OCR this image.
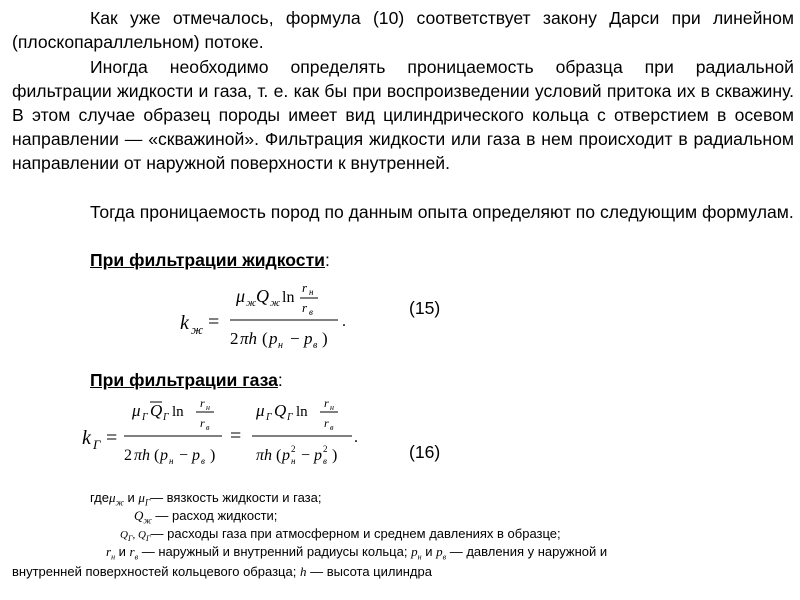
Как уже отмечалось, формула (10) соответствует закону Дарси при линейном (плоскопараллельном) потоке.

Иногда необходимо определять проницаемость образца при радиальной фильтрации жидкости и газа, т. е. как бы при воспроизведении условий притока их в скважину. В этом случае образец породы имеет вид цилиндрического кольца с отверстием в осевом направлении — «скважиной». Фильтрация жидкости или газа в нем происходит в радиальном направлении от наружной поверхности к внутренней.

Тогда проницаемость пород по данным опыта определяют по следующим формулам.

При фильтрации жидкости:

k ж =
μ ж Q ж ln
r н
r в
2 πh ( p н − p в )
.
(15)

При фильтрации газа:

k Г =
μ Г Q Г ln
r н
r в
2 πh ( p н − p в )
=
μ Г Q Г ln
r н
r в
πh ( p 2
н − p 2
в )
.
(16)
гдеμ$_ж$ и $\mu_Г—$ вязкость жидкости и газа;
$Q_ж$ — расход жидкости;
$Q_Г$, $Q_Г—$ расходы газа при атмосферном и среднем давлениях в образце;
$r_н$ и $r_в$ — наружный и внутренний радиусы кольца; $p_н$ и $p_в$ — давления у наружной и
внутренней поверхностей кольцевого образца; h — высота цилиндра
